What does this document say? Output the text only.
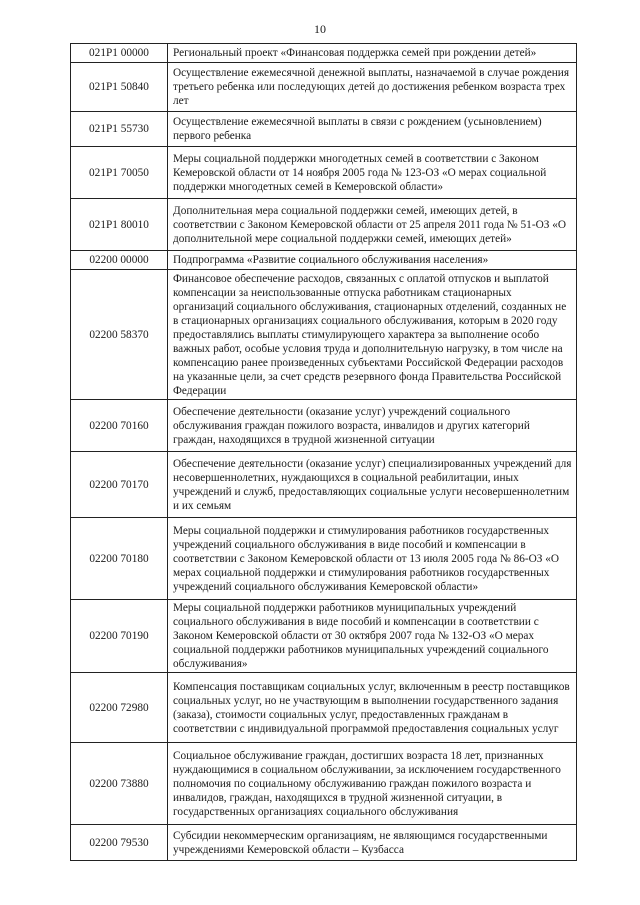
10
021P1 00000	Региональный проект «Финансовая поддержка семей при рождении детей»
021P1 50840	Осуществление ежемесячной денежной выплаты, назначаемой в случае рождения третьего ребенка или последующих детей до достижения ребенком возраста трех лет
021P1 55730	Осуществление ежемесячной выплаты в связи с рождением (усыновлением) первого ребенка
021P1 70050	Меры социальной поддержки многодетных семей в соответствии с Законом Кемеровской области от 14 ноября 2005 года № 123-ОЗ «О мерах социальной поддержки многодетных семей в Кемеровской области»
021P1 80010	Дополнительная мера социальной поддержки семей, имеющих детей, в соответствии с Законом Кемеровской области от 25 апреля 2011 года № 51-ОЗ «О дополнительной мере социальной поддержки семей, имеющих детей»
02200 00000	Подпрограмма «Развитие социального обслуживания населения»
02200 58370	Финансовое обеспечение расходов, связанных с оплатой отпусков и выплатой компенсации за неиспользованные отпуска работникам стационарных организаций социального обслуживания, стационарных отделений, созданных не в стационарных организациях социального обслуживания, которым в 2020 году предоставлялись выплаты стимулирующего характера за выполнение особо важных работ, особые условия труда и дополнительную нагрузку, в том числе на компенсацию ранее произведенных субъектами Российской Федерации расходов на указанные цели, за счет средств резервного фонда Правительства Российской Федерации
02200 70160	Обеспечение деятельности (оказание услуг) учреждений социального обслуживания граждан пожилого возраста, инвалидов и других категорий граждан, находящихся в трудной жизненной ситуации
02200 70170	Обеспечение деятельности (оказание услуг) специализированных учреждений для несовершеннолетних, нуждающихся в социальной реабилитации, иных учреждений и служб, предоставляющих социальные услуги несовершеннолетним и их семьям
02200 70180	Меры социальной поддержки и стимулирования работников государственных учреждений социального обслуживания в виде пособий и компенсации в соответствии с Законом Кемеровской области от 13 июля 2005 года № 86-ОЗ «О мерах социальной поддержки и стимулирования работников государственных учреждений социального обслуживания Кемеровской области»
02200 70190	Меры социальной поддержки работников муниципальных учреждений социального обслуживания в виде пособий и компенсации в соответствии с Законом Кемеровской области от 30 октября 2007 года № 132-ОЗ «О мерах социальной поддержки работников муниципальных учреждений социального обслуживания»
02200 72980	Компенсация поставщикам социальных услуг, включенным в реестр поставщиков социальных услуг, но не участвующим в выполнении государственного задания (заказа), стоимости социальных услуг, предоставленных гражданам в соответствии с индивидуальной программой предоставления социальных услуг
02200 73880	Социальное обслуживание граждан, достигших возраста 18 лет, признанных нуждающимися в социальном обслуживании, за исключением государственного полномочия по социальному обслуживанию граждан пожилого возраста и инвалидов, граждан, находящихся в трудной жизненной ситуации, в государственных организациях социального обслуживания
02200 79530	Субсидии некоммерческим организациям, не являющимся государственными учреждениями Кемеровской области – Кузбасса
